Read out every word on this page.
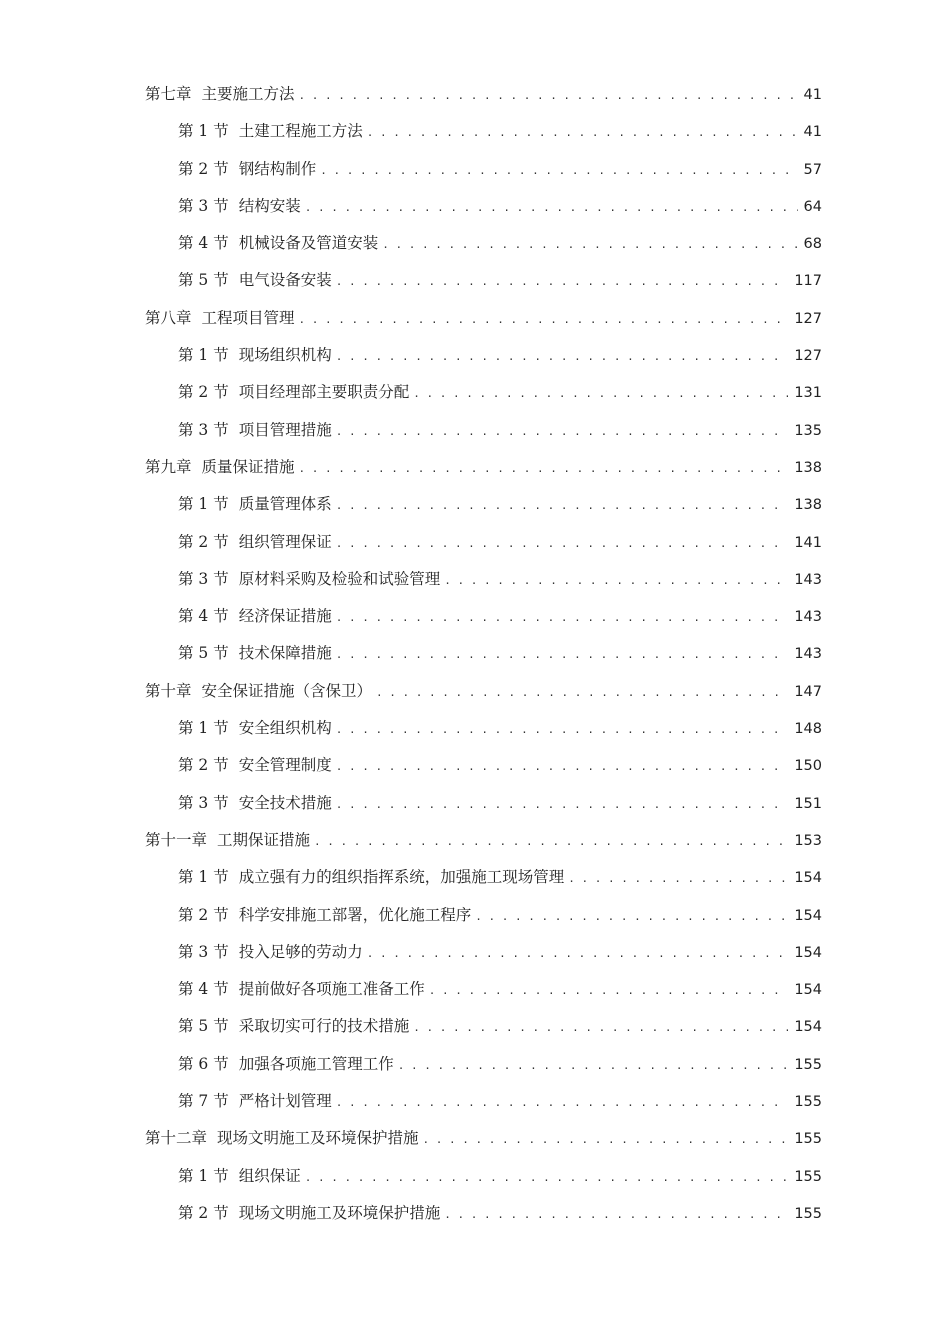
第七章 主要施工方法 . . .	41
第 1 节 土建工程施工方法 . . .	41
第 2 节 钢结构制作 . . .	57
第 3 节 结构安装 . . .	64
第 4 节 机械设备及管道安装 . . .	68
第 5 节 电气设备安装 . . .	117
第八章 工程项目管理 . . .	127
第 1 节 现场组织机构 . . .	127
第 2 节 项目经理部主要职责分配 . . .	131
第 3 节 项目管理措施 . . .	135
第九章 质量保证措施 . . .	138
第 1 节 质量管理体系 . . .	138
第 2 节 组织管理保证 . . .	141
第 3 节 原材料采购及检验和试验管理 . . .	143
第 4 节 经济保证措施 . . .	143
第 5 节 技术保障措施 . . .	143
第十章 安全保证措施（含保卫） . . .	147
第 1 节 安全组织机构 . . .	148
第 2 节 安全管理制度 . . .	150
第 3 节 安全技术措施 . . .	151
第十一章 工期保证措施 . . .	153
第 1 节 成立强有力的组织指挥系统，加强施工现场管理 . . .	154
第 2 节 科学安排施工部署，优化施工程序 . . .	154
第 3 节 投入足够的劳动力 . . .	154
第 4 节 提前做好各项施工准备工作 . . .	154
第 5 节 采取切实可行的技术措施 . . .	154
第 6 节 加强各项施工管理工作 . . .	155
第 7 节 严格计划管理 . . .	155
第十二章 现场文明施工及环境保护措施 . . .	155
第 1 节 组织保证 . . .	155
第 2 节 现场文明施工及环境保护措施 . . .	155
